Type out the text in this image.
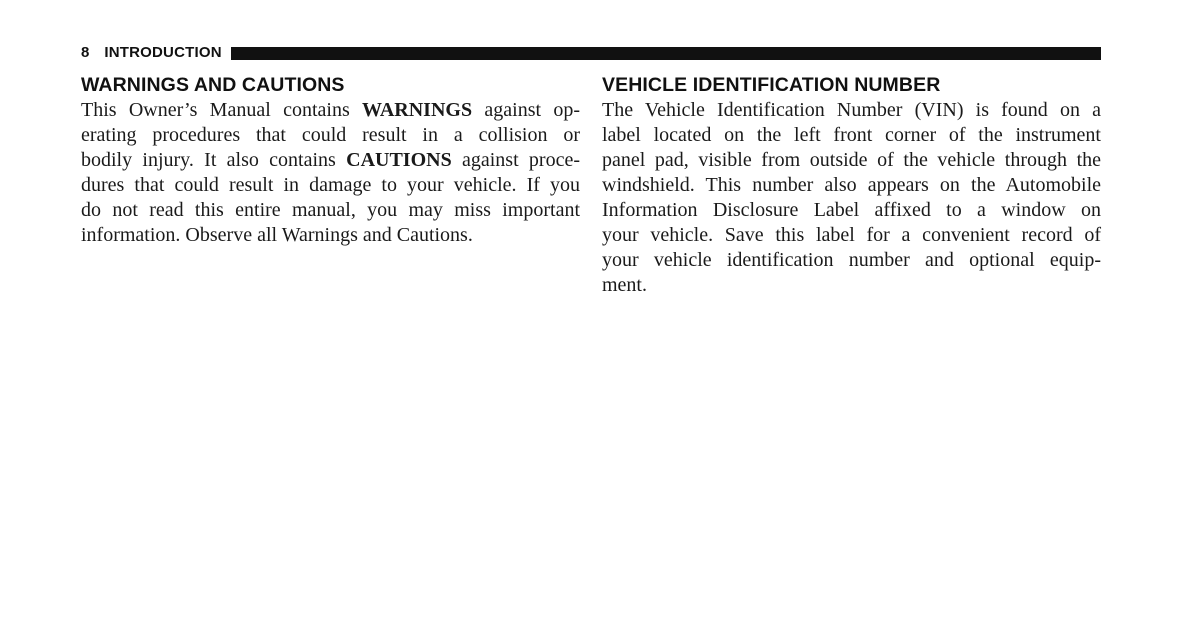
8 INTRODUCTION
WARNINGS AND CAUTIONS

This Owner’s Manual contains WARNINGS against op-
erating procedures that could result in a collision or
bodily injury. It also contains CAUTIONS against proce-
dures that could result in damage to your vehicle. If you
do not read this entire manual, you may miss important
information. Observe all Warnings and Cautions.

VEHICLE IDENTIFICATION NUMBER

The Vehicle Identification Number (VIN) is found on a
label located on the left front corner of the instrument
panel pad, visible from outside of the vehicle through the
windshield. This number also appears on the Automobile
Information Disclosure Label affixed to a window on
your vehicle. Save this label for a convenient record of
your vehicle identification number and optional equip-
ment.
